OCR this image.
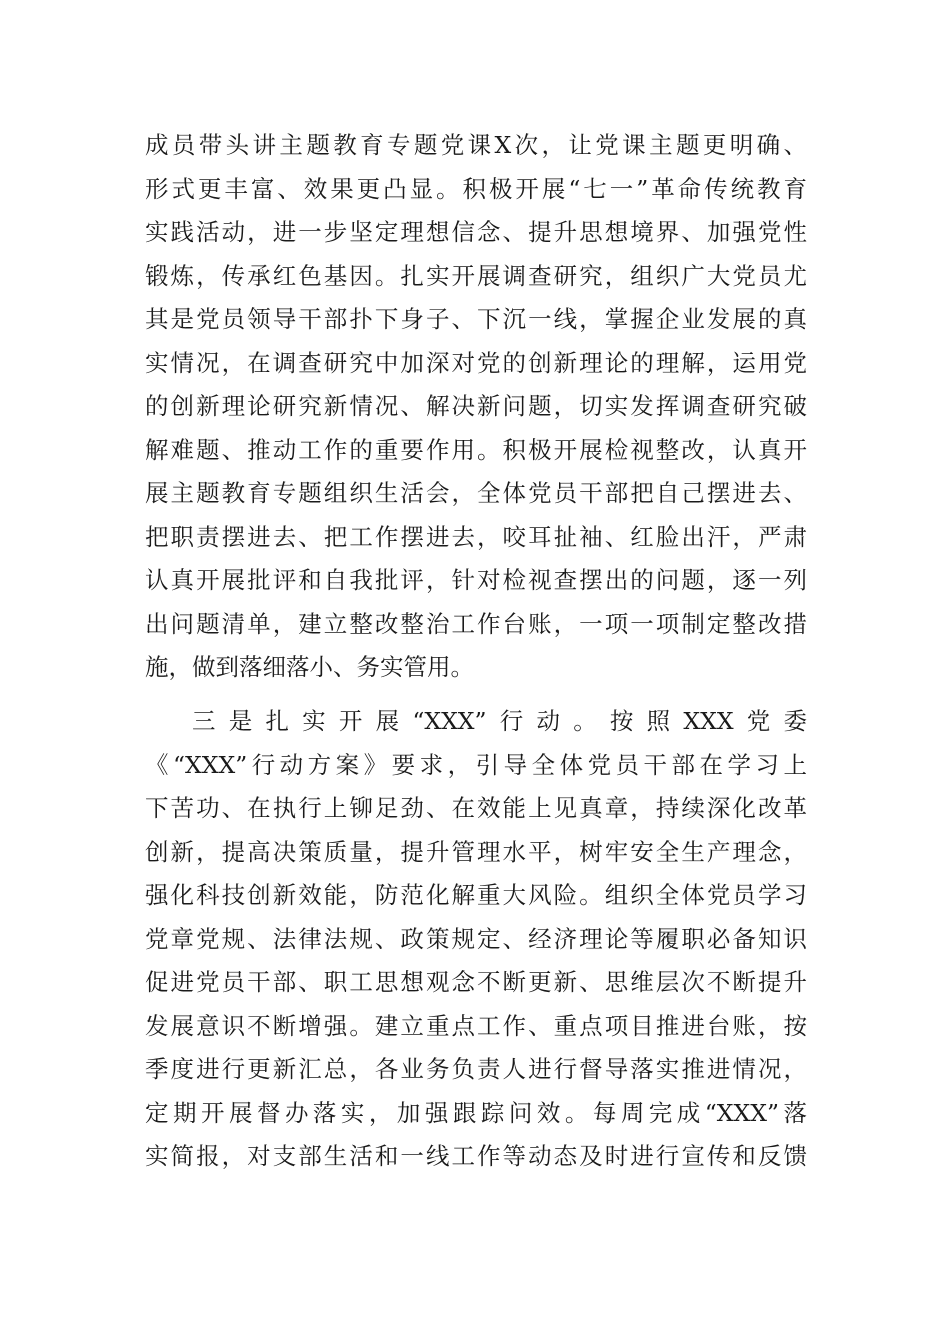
成员带头讲主题教育专题党课X次，让党课主题更明确、
形式更丰富、效果更凸显。积极开展“七一”革命传统教育
实践活动，进一步坚定理想信念、提升思想境界、加强党性
锻炼，传承红色基因。扎实开展调查研究，组织广大党员尤
其是党员领导干部扑下身子、下沉一线，掌握企业发展的真
实情况，在调查研究中加深对党的创新理论的理解，运用党
的创新理论研究新情况、解决新问题，切实发挥调查研究破
解难题、推动工作的重要作用。积极开展检视整改，认真开
展主题教育专题组织生活会，全体党员干部把自己摆进去、
把职责摆进去、把工作摆进去，咬耳扯袖、红脸出汗，严肃
认真开展批评和自我批评，针对检视查摆出的问题，逐一列
出问题清单，建立整改整治工作台账，一项一项制定整改措
施，做到落细落小、务实管用。
三是扎实开展“XXX”行动。按照XXX党委
《“XXX”行动方案》要求，引导全体党员干部在学习上
下苦功、在执行上铆足劲、在效能上见真章，持续深化改革
创新，提高决策质量，提升管理水平，树牢安全生产理念，
强化科技创新效能，防范化解重大风险。组织全体党员学习
党章党规、法律法规、政策规定、经济理论等履职必备知识
促进党员干部、职工思想观念不断更新、思维层次不断提升
发展意识不断增强。建立重点工作、重点项目推进台账，按
季度进行更新汇总，各业务负责人进行督导落实推进情况，
定期开展督办落实，加强跟踪问效。每周完成“XXX”落
实简报，对支部生活和一线工作等动态及时进行宣传和反馈
